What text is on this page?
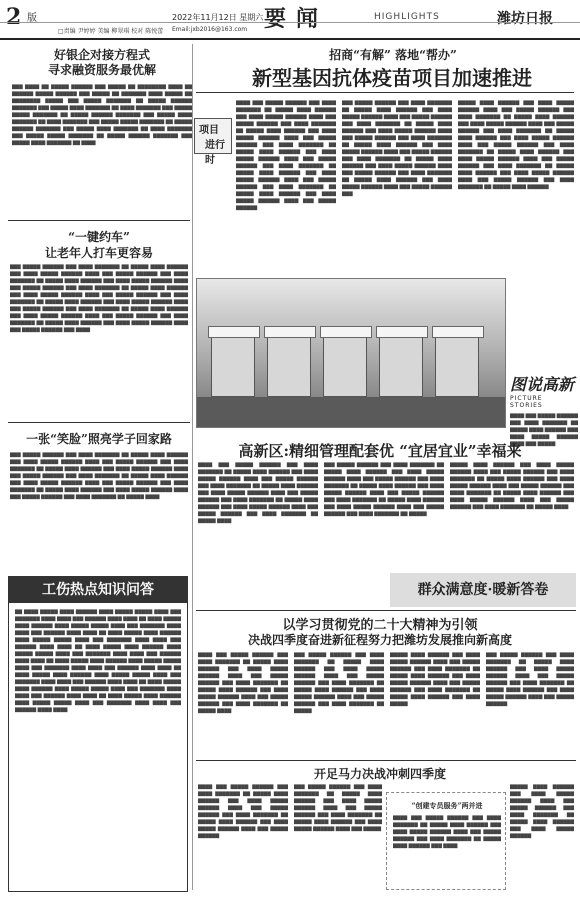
2 版	2022年11月12日 星期六 要闻	HIGHLIGHTS	潍坊日报
□责编 尹婷婷 美编 柳翠琪 校对 陈悦蕾 Email:jxb2016@163.com
好银企对接方程式
寻求融资服务最优解
▇▇▇ ▇▇▇▇ ▇▇ ▇▇▇▇▇ ▇▇▇▇▇▇ ▇▇▇ ▇▇▇▇▇ ▇▇ ▇▇▇▇▇▇▇▇ ▇▇▇▇ ▇▇ ▇▇▇▇▇▇ ▇▇▇▇▇ ▇▇▇▇▇▇ ▇▇▇ ▇▇▇▇▇ ▇▇ ▇▇▇▇▇▇▇ ▇▇▇▇ ▇▇▇▇▇ ▇▇ ▇▇▇▇▇▇▇▇ ▇▇▇▇▇ ▇▇▇ ▇▇▇▇▇ ▇▇▇▇▇▇▇ ▇▇ ▇▇▇▇▇ ▇▇▇▇▇▇ ▇▇▇▇▇▇▇ ▇▇▇ ▇▇▇▇▇ ▇▇▇▇ ▇▇▇▇▇▇▇ ▇▇ ▇▇▇▇ ▇▇▇▇▇▇▇ ▇▇▇ ▇▇▇▇▇ ▇▇▇▇▇ ▇▇▇▇▇▇▇ ▇▇ ▇▇▇▇▇ ▇▇▇▇▇▇ ▇▇▇▇▇▇▇ ▇▇▇ ▇▇▇▇▇ ▇▇▇▇ ▇▇▇▇▇▇▇ ▇▇ ▇▇▇▇ ▇▇▇▇▇▇▇ ▇▇▇ ▇▇▇▇▇ ▇▇▇▇▇ ▇▇▇▇▇▇▇ ▇▇ ▇▇▇▇▇ ▇▇▇▇▇▇ ▇▇▇▇▇▇▇ ▇▇▇ ▇▇▇▇▇ ▇▇▇▇ ▇▇▇▇▇▇▇ ▇▇ ▇▇▇▇ ▇▇▇▇▇▇▇ ▇▇▇ ▇▇▇▇▇ ▇▇▇▇▇ ▇▇▇▇▇▇▇ ▇▇ ▇▇▇▇▇ ▇▇▇▇▇▇ ▇▇▇▇▇▇▇ ▇▇▇ ▇▇▇▇▇ ▇▇▇▇ ▇▇▇▇▇▇▇ ▇▇ ▇▇▇▇
招商“有解” 落地“帮办”
新型基因抗体疫苗项目加速推进
项目
进行时
▇▇▇▇ ▇▇▇ ▇▇▇▇▇ ▇▇▇▇▇▇ ▇▇▇ ▇▇▇▇ ▇▇▇▇▇▇▇ ▇▇ ▇▇▇▇▇ ▇▇▇▇ ▇▇▇▇▇▇ ▇▇▇ ▇▇▇▇ ▇▇▇▇▇ ▇▇▇▇▇▇ ▇▇▇▇ ▇▇▇ ▇▇▇▇▇ ▇▇▇▇▇▇ ▇▇▇ ▇▇▇▇ ▇▇▇▇▇▇▇ ▇▇ ▇▇▇▇▇ ▇▇▇▇ ▇▇▇▇▇▇ ▇▇▇ ▇▇▇▇ ▇▇▇▇▇ ▇▇▇▇▇▇ ▇▇▇▇ ▇▇▇ ▇▇▇▇▇ ▇▇▇▇▇▇ ▇▇▇ ▇▇▇▇ ▇▇▇▇▇▇▇ ▇▇ ▇▇▇▇▇ ▇▇▇▇ ▇▇▇▇▇▇ ▇▇▇ ▇▇▇▇ ▇▇▇▇▇ ▇▇▇▇▇▇ ▇▇▇▇ ▇▇▇ ▇▇▇▇▇ ▇▇▇▇▇▇ ▇▇▇ ▇▇▇▇ ▇▇▇▇▇▇▇ ▇▇ ▇▇▇▇▇ ▇▇▇▇ ▇▇▇▇▇▇ ▇▇▇ ▇▇▇▇ ▇▇▇▇▇ ▇▇▇▇▇▇ ▇▇▇▇ ▇▇▇ ▇▇▇▇▇ ▇▇▇▇▇▇ ▇▇▇ ▇▇▇▇ ▇▇▇▇▇▇▇ ▇▇ ▇▇▇▇▇ ▇▇▇▇ ▇▇▇▇▇▇ ▇▇▇ ▇▇▇▇ ▇▇▇▇▇ ▇▇▇▇▇▇ ▇▇▇▇ ▇▇▇ ▇▇▇▇▇ ▇▇▇▇▇▇
▇▇▇ ▇▇▇▇▇ ▇▇▇▇▇▇ ▇▇▇ ▇▇▇▇ ▇▇▇▇▇▇▇ ▇▇ ▇▇▇▇▇ ▇▇▇▇ ▇▇▇▇▇▇ ▇▇▇ ▇▇▇▇ ▇▇▇▇▇ ▇▇▇▇▇▇ ▇▇▇▇ ▇▇▇ ▇▇▇▇▇ ▇▇▇▇▇▇ ▇▇▇ ▇▇▇▇ ▇▇▇▇▇▇▇ ▇▇ ▇▇▇▇▇ ▇▇▇▇ ▇▇▇▇▇▇ ▇▇▇ ▇▇▇▇ ▇▇▇▇▇ ▇▇▇▇▇▇ ▇▇▇▇ ▇▇▇ ▇▇▇▇▇ ▇▇▇▇▇▇ ▇▇▇ ▇▇▇▇ ▇▇▇▇▇▇▇ ▇▇ ▇▇▇▇▇ ▇▇▇▇ ▇▇▇▇▇▇ ▇▇▇ ▇▇▇▇ ▇▇▇▇▇ ▇▇▇▇▇▇ ▇▇▇▇ ▇▇▇ ▇▇▇▇▇ ▇▇▇▇▇▇ ▇▇▇ ▇▇▇▇ ▇▇▇▇▇▇▇ ▇▇ ▇▇▇▇▇ ▇▇▇▇ ▇▇▇▇▇▇ ▇▇▇ ▇▇▇▇ ▇▇▇▇▇ ▇▇▇▇▇▇ ▇▇▇▇ ▇▇▇ ▇▇▇▇▇ ▇▇▇▇▇▇ ▇▇▇ ▇▇▇▇ ▇▇▇▇▇▇▇ ▇▇ ▇▇▇▇▇ ▇▇▇▇ ▇▇▇▇▇▇ ▇▇▇ ▇▇▇▇ ▇▇▇▇▇ ▇▇▇▇▇▇ ▇▇▇▇ ▇▇▇ ▇▇▇▇▇ ▇▇▇▇▇▇ ▇▇▇
▇▇▇▇▇ ▇▇▇▇ ▇▇▇▇▇▇ ▇▇▇ ▇▇▇▇ ▇▇▇▇▇ ▇▇▇▇▇▇ ▇▇▇▇ ▇▇▇ ▇▇▇▇▇ ▇▇▇▇▇▇ ▇▇▇ ▇▇▇▇ ▇▇▇▇▇▇▇ ▇▇ ▇▇▇▇▇ ▇▇▇▇ ▇▇▇▇▇▇ ▇▇▇ ▇▇▇▇ ▇▇▇▇▇ ▇▇▇▇▇▇ ▇▇▇▇ ▇▇▇ ▇▇▇▇▇ ▇▇▇▇▇▇ ▇▇▇ ▇▇▇▇ ▇▇▇▇▇▇▇ ▇▇ ▇▇▇▇▇ ▇▇▇▇ ▇▇▇▇▇▇ ▇▇▇ ▇▇▇▇ ▇▇▇▇▇ ▇▇▇▇▇▇ ▇▇▇▇ ▇▇▇ ▇▇▇▇▇ ▇▇▇▇▇▇ ▇▇▇ ▇▇▇▇ ▇▇▇▇▇▇▇ ▇▇ ▇▇▇▇▇ ▇▇▇▇ ▇▇▇▇▇▇ ▇▇▇ ▇▇▇▇ ▇▇▇▇▇ ▇▇▇▇▇▇ ▇▇▇▇ ▇▇▇ ▇▇▇▇▇ ▇▇▇▇▇▇ ▇▇▇ ▇▇▇▇ ▇▇▇▇▇▇▇ ▇▇ ▇▇▇▇▇ ▇▇▇▇ ▇▇▇▇▇▇ ▇▇▇ ▇▇▇▇ ▇▇▇▇▇ ▇▇▇▇▇▇ ▇▇▇▇ ▇▇▇ ▇▇▇▇▇ ▇▇▇▇▇▇ ▇▇▇ ▇▇▇▇ ▇▇▇▇▇▇▇ ▇▇ ▇▇▇▇▇ ▇▇▇▇ ▇▇▇▇▇▇
“一键约车”
让老年人打车更容易
▇▇▇ ▇▇▇▇▇ ▇▇▇▇▇▇ ▇▇▇ ▇▇▇▇ ▇▇▇▇▇▇▇ ▇▇ ▇▇▇▇▇ ▇▇▇▇ ▇▇▇▇▇▇ ▇▇▇ ▇▇▇▇ ▇▇▇▇▇ ▇▇▇▇▇▇ ▇▇▇▇ ▇▇▇ ▇▇▇▇▇ ▇▇▇▇▇▇ ▇▇▇ ▇▇▇▇ ▇▇▇▇▇▇▇ ▇▇ ▇▇▇▇▇ ▇▇▇▇ ▇▇▇▇▇▇ ▇▇▇ ▇▇▇▇ ▇▇▇▇▇ ▇▇▇▇▇▇ ▇▇▇▇ ▇▇▇ ▇▇▇▇▇ ▇▇▇▇▇▇ ▇▇▇ ▇▇▇▇ ▇▇▇▇▇▇▇ ▇▇ ▇▇▇▇▇ ▇▇▇▇ ▇▇▇▇▇▇ ▇▇▇ ▇▇▇▇ ▇▇▇▇▇ ▇▇▇▇▇▇ ▇▇▇▇ ▇▇▇ ▇▇▇▇▇ ▇▇▇▇▇▇ ▇▇▇ ▇▇▇▇ ▇▇▇▇▇▇▇ ▇▇ ▇▇▇▇▇ ▇▇▇▇ ▇▇▇▇▇▇ ▇▇▇ ▇▇▇▇ ▇▇▇▇▇ ▇▇▇▇▇▇ ▇▇▇▇ ▇▇▇ ▇▇▇▇▇ ▇▇▇▇▇▇ ▇▇▇ ▇▇▇▇ ▇▇▇▇▇▇▇ ▇▇ ▇▇▇▇▇ ▇▇▇▇ ▇▇▇▇▇▇ ▇▇▇ ▇▇▇▇ ▇▇▇▇▇ ▇▇▇▇▇▇ ▇▇▇▇ ▇▇▇ ▇▇▇▇▇ ▇▇▇▇▇▇ ▇▇▇ ▇▇▇▇ ▇▇▇▇▇▇▇ ▇▇ ▇▇▇▇▇ ▇▇▇▇ ▇▇▇▇▇▇ ▇▇▇ ▇▇▇▇ ▇▇▇▇▇ ▇▇▇▇▇▇ ▇▇▇▇ ▇▇▇ ▇▇▇▇▇ ▇▇▇▇▇▇ ▇▇▇ ▇▇▇▇
一张“笑脸”照亮学子回家路
▇▇▇ ▇▇▇▇▇ ▇▇▇▇▇▇ ▇▇▇ ▇▇▇▇ ▇▇▇▇▇▇▇ ▇▇ ▇▇▇▇▇ ▇▇▇▇ ▇▇▇▇▇▇ ▇▇▇ ▇▇▇▇ ▇▇▇▇▇ ▇▇▇▇▇▇ ▇▇▇▇ ▇▇▇ ▇▇▇▇▇ ▇▇▇▇▇▇ ▇▇▇ ▇▇▇▇ ▇▇▇▇▇▇▇ ▇▇ ▇▇▇▇▇ ▇▇▇▇ ▇▇▇▇▇▇ ▇▇▇ ▇▇▇▇ ▇▇▇▇▇ ▇▇▇▇▇▇ ▇▇▇▇ ▇▇▇ ▇▇▇▇▇ ▇▇▇▇▇▇ ▇▇▇ ▇▇▇▇ ▇▇▇▇▇▇▇ ▇▇ ▇▇▇▇▇ ▇▇▇▇ ▇▇▇▇▇▇ ▇▇▇ ▇▇▇▇ ▇▇▇▇▇ ▇▇▇▇▇▇ ▇▇▇▇ ▇▇▇ ▇▇▇▇▇ ▇▇▇▇▇▇ ▇▇▇ ▇▇▇▇ ▇▇▇▇▇▇▇ ▇▇ ▇▇▇▇▇ ▇▇▇▇ ▇▇▇▇▇▇ ▇▇▇ ▇▇▇▇ ▇▇▇▇▇ ▇▇▇▇▇▇ ▇▇▇▇ ▇▇▇ ▇▇▇▇▇ ▇▇▇▇▇▇ ▇▇▇ ▇▇▇▇ ▇▇▇▇▇▇▇ ▇▇ ▇▇▇▇▇ ▇▇▇▇
图说高新
PICTURE STORIES
▇▇▇▇ ▇▇▇ ▇▇▇▇▇ ▇▇▇▇▇▇ ▇▇▇ ▇▇▇▇ ▇▇▇▇▇▇▇ ▇▇ ▇▇▇▇▇ ▇▇▇▇ ▇▇▇▇▇▇ ▇▇▇ ▇▇▇▇ ▇▇▇▇▇ ▇▇▇▇▇▇ ▇▇▇▇ ▇▇▇ ▇▇▇▇▇
高新区:精细管理配套优 “宜居宜业”幸福来
▇▇▇▇ ▇▇▇ ▇▇▇▇▇ ▇▇▇▇▇▇ ▇▇▇ ▇▇▇▇ ▇▇▇▇▇▇▇ ▇▇ ▇▇▇▇▇ ▇▇▇▇ ▇▇▇▇▇▇ ▇▇▇ ▇▇▇▇ ▇▇▇▇▇ ▇▇▇▇▇▇ ▇▇▇▇ ▇▇▇ ▇▇▇▇▇ ▇▇▇▇▇▇ ▇▇▇ ▇▇▇▇ ▇▇▇▇▇▇▇ ▇▇ ▇▇▇▇▇ ▇▇▇▇ ▇▇▇▇▇▇ ▇▇▇ ▇▇▇▇ ▇▇▇▇▇ ▇▇▇▇▇▇ ▇▇▇▇ ▇▇▇ ▇▇▇▇▇ ▇▇▇▇▇▇ ▇▇▇ ▇▇▇▇ ▇▇▇▇▇▇▇ ▇▇ ▇▇▇▇▇ ▇▇▇▇ ▇▇▇▇▇▇ ▇▇▇ ▇▇▇▇ ▇▇▇▇▇ ▇▇▇▇▇▇ ▇▇▇▇ ▇▇▇ ▇▇▇▇▇ ▇▇▇▇▇▇ ▇▇▇ ▇▇▇▇ ▇▇▇▇▇▇▇ ▇▇ ▇▇▇▇▇ ▇▇▇▇
▇▇▇ ▇▇▇▇▇ ▇▇▇▇▇▇ ▇▇▇ ▇▇▇▇ ▇▇▇▇▇▇▇ ▇▇ ▇▇▇▇▇ ▇▇▇▇ ▇▇▇▇▇▇ ▇▇▇ ▇▇▇▇ ▇▇▇▇▇ ▇▇▇▇▇▇ ▇▇▇▇ ▇▇▇ ▇▇▇▇▇ ▇▇▇▇▇▇ ▇▇▇ ▇▇▇▇ ▇▇▇▇▇▇▇ ▇▇ ▇▇▇▇▇ ▇▇▇▇ ▇▇▇▇▇▇ ▇▇▇ ▇▇▇▇ ▇▇▇▇▇ ▇▇▇▇▇▇ ▇▇▇▇ ▇▇▇ ▇▇▇▇▇ ▇▇▇▇▇▇ ▇▇▇ ▇▇▇▇ ▇▇▇▇▇▇▇ ▇▇ ▇▇▇▇▇ ▇▇▇▇ ▇▇▇▇▇▇ ▇▇▇ ▇▇▇▇ ▇▇▇▇▇ ▇▇▇▇▇▇ ▇▇▇▇ ▇▇▇ ▇▇▇▇▇ ▇▇▇▇▇▇ ▇▇▇ ▇▇▇▇ ▇▇▇▇▇▇▇ ▇▇ ▇▇▇▇▇
▇▇▇▇▇ ▇▇▇▇ ▇▇▇▇▇▇ ▇▇▇ ▇▇▇▇ ▇▇▇▇▇ ▇▇▇▇▇▇ ▇▇▇▇ ▇▇▇ ▇▇▇▇▇ ▇▇▇▇▇▇ ▇▇▇ ▇▇▇▇ ▇▇▇▇▇▇▇ ▇▇ ▇▇▇▇▇ ▇▇▇▇ ▇▇▇▇▇▇ ▇▇▇ ▇▇▇▇ ▇▇▇▇▇ ▇▇▇▇▇▇ ▇▇▇▇ ▇▇▇ ▇▇▇▇▇ ▇▇▇▇▇▇ ▇▇▇ ▇▇▇▇ ▇▇▇▇▇▇▇ ▇▇ ▇▇▇▇▇ ▇▇▇▇ ▇▇▇▇▇▇ ▇▇▇ ▇▇▇▇ ▇▇▇▇▇ ▇▇▇▇▇▇ ▇▇▇▇ ▇▇▇ ▇▇▇▇▇ ▇▇▇▇▇▇ ▇▇▇ ▇▇▇▇ ▇▇▇▇▇▇▇ ▇▇ ▇▇▇▇▇ ▇▇▇▇
工伤热点知识问答
▇▇ ▇▇▇▇ ▇▇▇▇▇ ▇▇▇▇ ▇▇▇▇▇▇ ▇▇▇▇ ▇▇▇▇▇ ▇▇▇▇▇ ▇▇▇▇ ▇▇▇ ▇▇▇▇▇▇▇ ▇▇▇▇ ▇▇▇▇ ▇▇▇ ▇▇▇▇▇▇ ▇▇▇▇ ▇▇▇▇ ▇▇ ▇▇▇▇ ▇▇▇▇▇ ▇▇▇▇ ▇▇▇▇▇▇ ▇▇▇▇ ▇▇▇▇▇ ▇▇▇▇▇ ▇▇▇▇ ▇▇▇ ▇▇▇▇▇▇▇ ▇▇▇▇ ▇▇▇▇ ▇▇▇ ▇▇▇▇▇▇ ▇▇▇▇ ▇▇▇▇ ▇▇ ▇▇▇▇ ▇▇▇▇▇ ▇▇▇▇ ▇▇▇▇▇▇ ▇▇▇▇ ▇▇▇▇▇ ▇▇▇▇▇ ▇▇▇▇ ▇▇▇ ▇▇▇▇▇▇▇ ▇▇▇▇ ▇▇▇▇ ▇▇▇ ▇▇▇▇▇▇ ▇▇▇▇ ▇▇▇▇ ▇▇ ▇▇▇▇ ▇▇▇▇▇ ▇▇▇▇ ▇▇▇▇▇▇ ▇▇▇▇ ▇▇▇▇▇ ▇▇▇▇▇ ▇▇▇▇ ▇▇▇ ▇▇▇▇▇▇▇ ▇▇▇▇ ▇▇▇▇ ▇▇▇ ▇▇▇▇▇▇ ▇▇▇▇ ▇▇▇▇ ▇▇ ▇▇▇▇ ▇▇▇▇▇ ▇▇▇▇ ▇▇▇▇▇▇ ▇▇▇▇ ▇▇▇▇▇ ▇▇▇▇▇ ▇▇▇▇ ▇▇▇ ▇▇▇▇▇▇▇ ▇▇▇▇ ▇▇▇▇ ▇▇▇ ▇▇▇▇▇▇ ▇▇▇▇ ▇▇▇▇ ▇▇ ▇▇▇▇ ▇▇▇▇▇ ▇▇▇▇ ▇▇▇▇▇▇ ▇▇▇▇ ▇▇▇▇▇ ▇▇▇▇▇ ▇▇▇▇ ▇▇▇ ▇▇▇▇▇▇▇ ▇▇▇▇ ▇▇▇▇ ▇▇▇ ▇▇▇▇▇▇ ▇▇▇▇ ▇▇▇▇ ▇▇ ▇▇▇▇ ▇▇▇▇▇ ▇▇▇▇ ▇▇▇▇▇▇ ▇▇▇▇ ▇▇▇▇▇ ▇▇▇▇▇ ▇▇▇▇ ▇▇▇ ▇▇▇▇▇▇▇ ▇▇▇▇ ▇▇▇▇ ▇▇▇ ▇▇▇▇▇▇ ▇▇▇▇ ▇▇▇▇ ▇▇ ▇▇▇▇ ▇▇▇▇▇ ▇▇▇▇ ▇▇▇▇▇▇ ▇▇▇▇ ▇▇▇▇▇ ▇▇▇▇▇ ▇▇▇▇ ▇▇▇ ▇▇▇▇▇▇▇ ▇▇▇▇ ▇▇▇▇ ▇▇▇ ▇▇▇▇▇▇ ▇▇▇▇ ▇▇▇▇
群众满意度·暖新答卷
以学习贯彻党的二十大精神为引领
决战四季度奋进新征程努力把潍坊发展推向新高度
▇▇▇▇ ▇▇▇ ▇▇▇▇▇ ▇▇▇▇▇▇ ▇▇▇ ▇▇▇▇ ▇▇▇▇▇▇▇ ▇▇ ▇▇▇▇▇ ▇▇▇▇ ▇▇▇▇▇▇ ▇▇▇ ▇▇▇▇ ▇▇▇▇▇ ▇▇▇▇▇▇ ▇▇▇▇ ▇▇▇ ▇▇▇▇▇ ▇▇▇▇▇▇ ▇▇▇ ▇▇▇▇ ▇▇▇▇▇▇▇ ▇▇ ▇▇▇▇▇ ▇▇▇▇ ▇▇▇▇▇▇ ▇▇▇ ▇▇▇▇ ▇▇▇▇▇ ▇▇▇▇▇▇ ▇▇▇▇ ▇▇▇ ▇▇▇▇▇ ▇▇▇▇▇▇ ▇▇▇ ▇▇▇▇ ▇▇▇▇▇▇▇ ▇▇ ▇▇▇▇▇ ▇▇▇▇
▇▇▇ ▇▇▇▇▇ ▇▇▇▇▇▇ ▇▇▇ ▇▇▇▇ ▇▇▇▇▇▇▇ ▇▇ ▇▇▇▇▇ ▇▇▇▇ ▇▇▇▇▇▇ ▇▇▇ ▇▇▇▇ ▇▇▇▇▇ ▇▇▇▇▇▇ ▇▇▇▇ ▇▇▇ ▇▇▇▇▇ ▇▇▇▇▇▇ ▇▇▇ ▇▇▇▇ ▇▇▇▇▇▇▇ ▇▇ ▇▇▇▇▇ ▇▇▇▇ ▇▇▇▇▇▇ ▇▇▇ ▇▇▇▇ ▇▇▇▇▇ ▇▇▇▇▇▇ ▇▇▇▇ ▇▇▇ ▇▇▇▇▇ ▇▇▇▇▇▇ ▇▇▇ ▇▇▇▇ ▇▇▇▇▇▇▇ ▇▇ ▇▇▇▇▇
▇▇▇▇▇ ▇▇▇▇ ▇▇▇▇▇▇ ▇▇▇ ▇▇▇▇ ▇▇▇▇▇ ▇▇▇▇▇▇ ▇▇▇▇ ▇▇▇ ▇▇▇▇▇ ▇▇▇▇▇▇ ▇▇▇ ▇▇▇▇ ▇▇▇▇▇▇▇ ▇▇ ▇▇▇▇▇ ▇▇▇▇ ▇▇▇▇▇▇ ▇▇▇ ▇▇▇▇ ▇▇▇▇▇ ▇▇▇▇▇▇ ▇▇▇▇ ▇▇▇ ▇▇▇▇▇ ▇▇▇▇▇▇ ▇▇▇ ▇▇▇▇ ▇▇▇▇▇▇▇ ▇▇ ▇▇▇▇▇ ▇▇▇▇ ▇▇▇▇▇▇ ▇▇▇ ▇▇▇▇ ▇▇▇▇▇
▇▇▇ ▇▇▇▇▇ ▇▇▇▇▇▇ ▇▇▇ ▇▇▇▇ ▇▇▇▇▇▇▇ ▇▇ ▇▇▇▇▇ ▇▇▇▇ ▇▇▇▇▇▇ ▇▇▇ ▇▇▇▇ ▇▇▇▇▇ ▇▇▇▇▇▇ ▇▇▇▇ ▇▇▇ ▇▇▇▇▇ ▇▇▇▇▇▇ ▇▇▇ ▇▇▇▇ ▇▇▇▇▇▇▇ ▇▇ ▇▇▇▇▇ ▇▇▇▇ ▇▇▇▇▇▇ ▇▇▇ ▇▇▇▇ ▇▇▇▇▇ ▇▇▇▇▇▇ ▇▇▇▇ ▇▇▇ ▇▇▇▇▇ ▇▇▇▇▇▇
开足马力决战冲刺四季度
▇▇▇▇ ▇▇▇ ▇▇▇▇▇ ▇▇▇▇▇▇ ▇▇▇ ▇▇▇▇ ▇▇▇▇▇▇▇ ▇▇ ▇▇▇▇▇ ▇▇▇▇ ▇▇▇▇▇▇ ▇▇▇ ▇▇▇▇ ▇▇▇▇▇ ▇▇▇▇▇▇ ▇▇▇▇ ▇▇▇ ▇▇▇▇▇ ▇▇▇▇▇▇ ▇▇▇ ▇▇▇▇ ▇▇▇▇▇▇▇ ▇▇ ▇▇▇▇▇ ▇▇▇▇ ▇▇▇▇▇▇ ▇▇▇ ▇▇▇▇ ▇▇▇▇▇ ▇▇▇▇▇▇ ▇▇▇▇ ▇▇▇ ▇▇▇▇▇ ▇▇▇▇▇▇
▇▇▇ ▇▇▇▇▇ ▇▇▇▇▇▇ ▇▇▇ ▇▇▇▇ ▇▇▇▇▇▇▇ ▇▇ ▇▇▇▇▇ ▇▇▇▇ ▇▇▇▇▇▇ ▇▇▇ ▇▇▇▇ ▇▇▇▇▇ ▇▇▇▇▇▇ ▇▇▇▇ ▇▇▇ ▇▇▇▇▇ ▇▇▇▇▇▇ ▇▇▇ ▇▇▇▇ ▇▇▇▇▇▇▇ ▇▇ ▇▇▇▇▇ ▇▇▇▇ ▇▇▇▇▇▇ ▇▇▇ ▇▇▇▇ ▇▇▇▇▇ ▇▇▇▇▇▇ ▇▇▇▇ ▇▇▇ ▇▇▇▇▇
“创建专员服务”两并进
▇▇▇▇ ▇▇▇ ▇▇▇▇▇ ▇▇▇▇▇▇ ▇▇▇ ▇▇▇▇ ▇▇▇▇▇▇▇ ▇▇ ▇▇▇▇▇ ▇▇▇▇ ▇▇▇▇▇▇ ▇▇▇ ▇▇▇▇ ▇▇▇▇▇ ▇▇▇▇▇▇ ▇▇▇▇ ▇▇▇ ▇▇▇▇▇ ▇▇▇▇▇▇ ▇▇▇ ▇▇▇▇ ▇▇▇▇▇▇▇ ▇▇ ▇▇▇▇▇ ▇▇▇▇ ▇▇▇▇▇▇ ▇▇▇ ▇▇▇▇
▇▇▇▇▇ ▇▇▇▇ ▇▇▇▇▇▇ ▇▇▇ ▇▇▇▇ ▇▇▇▇▇ ▇▇▇▇▇▇ ▇▇▇▇ ▇▇▇ ▇▇▇▇▇ ▇▇▇▇▇▇ ▇▇▇ ▇▇▇▇ ▇▇▇▇▇▇▇ ▇▇ ▇▇▇▇▇ ▇▇▇▇ ▇▇▇▇▇▇ ▇▇▇ ▇▇▇▇ ▇▇▇▇▇ ▇▇▇▇▇▇
